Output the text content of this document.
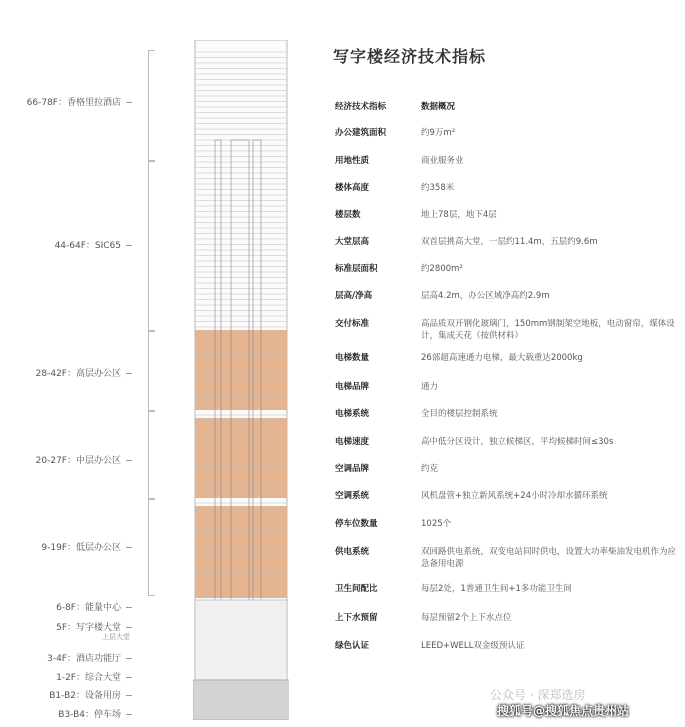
66-78F：香格里拉酒店
44-64F：SIC65
28-42F：高层办公区
20-27F：中层办公区
9-19F：低层办公区
6-8F：能量中心
5F：写字楼大堂
上层大堂
3-4F：酒店功能厅
1-2F：综合大堂
B1-B2：设备用房
B3-B4：停车场
写字楼经济技术指标
经济技术指标	数据概况
办公建筑面积	约9万m²
用地性质	商业服务业
楼体高度	约358米
楼层数	地上78层，地下4层
大堂层高	双首层挑高大堂，一层约11.4m，五层约9.6m
标准层面积	约2800m²
层高/净高	层高4.2m，办公区域净高约2.9m
交付标准	高品质双开钢化玻璃门，150mm钢制架空地板，电动窗帘，煤体设计，集成天花（按供材料）
电梯数量	26部超高速通力电梯，最大载重达2000kg
电梯品牌	通力
电梯系统	全目的楼层控制系统
电梯速度	高中低分区设计，独立候梯区，平均候梯时间≤30s
空调品牌	约克
空调系统	风机盘管+独立新风系统+24小时冷却水循环系统
停车位数量	1025个
供电系统	双回路供电系统，双变电站同时供电，设置大功率柴油发电机作为应急备用电源
卫生间配比	每层2处，1普通卫生间+1多功能卫生间
上下水预留	每层预留2个上下水点位
绿色认证	LEED+WELL双金级预认证
公众号 · 深郑选房
搜狐号@搜狐焦点贵州站
